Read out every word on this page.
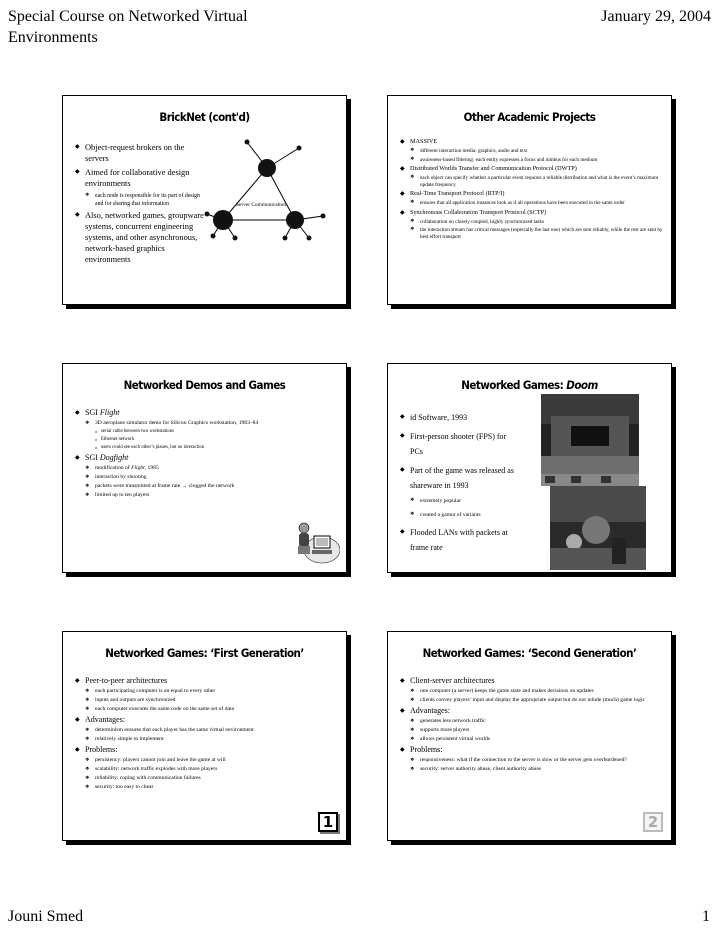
Special Course on Networked Virtual Environments
January 29, 2004
BrickNet (cont'd)
◆ Object-request brokers on the servers
◆ Aimed for collaborative design environments
❖ each node is responsible for its part of design and for sharing that information
◆ Also, networked games, groupware systems, concurrent engineering systems, and other asynchronous, network-based graphics environments
Server Communication
Other Academic Projects
◆ MASSIVE
❖ different interaction media: graphics, audio and text
❖ awareness-based filtering: each entity expresses a focus and nimbus for each medium
◆ Distributed Worlds Transfer and Communication Protocol (DWTP)
❖ each object can specify whether a particular event requires a reliable distribution and what is the event’s maximum update frequency
◆ Real-Time Transport Protocol (RTP/I)
❖ ensures that all application instances look as if all operations have been executed in the same order
◆ Synchronous Collaboration Transport Protocol (SCTP)
❖ collaboration on closely coupled, highly synchronized tasks
❖ the interaction stream has critical messages (especially the last one) which are sent reliably, while the rest are sent by best effort transport
Networked Demos and Games
◆ SGI Flight
❖ 3D aeroplane simulator demo for Silicon Graphics workstation, 1983–84
o serial cable between two workstations
o Ethernet network
o users could see each other’s planes, but no interaction
◆ SGI Dogfight
❖ modification of Flight, 1985
❖ interaction by shooting
❖ packets were transmitted at frame rate → clogged the network
❖ limited up to ten players
Networked Games: Doom
◆ id Software, 1993
◆ First-person shooter (FPS) for PCs
◆ Part of the game was released as shareware in 1993
❖ extremely popular
❖ created a gamut of variants
◆ Flooded LANs with packets at frame rate
Networked Games: ‘First Generation’
◆ Peer-to-peer architectures
❖ each participating computer is an equal to every other
❖ inputs and outputs are synchronized
❖ each computer executes the same code on the same set of data
◆ Advantages:
❖ determinism ensures that each player has the same virtual environment
❖ relatively simple to implement
◆ Problems:
❖ persistency: players cannot join and leave the game at will
❖ scalability: network traffic explodes with more players
❖ reliability: coping with communication failures
❖ security: too easy to cheat
1
Networked Games: ‘Second Generation’
◆ Client-server architectures
❖ one computer (a server) keeps the game state and makes decisions on updates
❖ clients convey players’ input and display the appropriate output but do not inlude (much) game logic
◆ Advantages:
❖ generates less network traffic
❖ supports more players
❖ allows persistent virtual worlds
◆ Problems:
❖ responsiveness: what if the connection to the server is slow or the server gets overburdened?
❖ security: server authority abuse, client authority abuse
2
Jouni Smed	1
